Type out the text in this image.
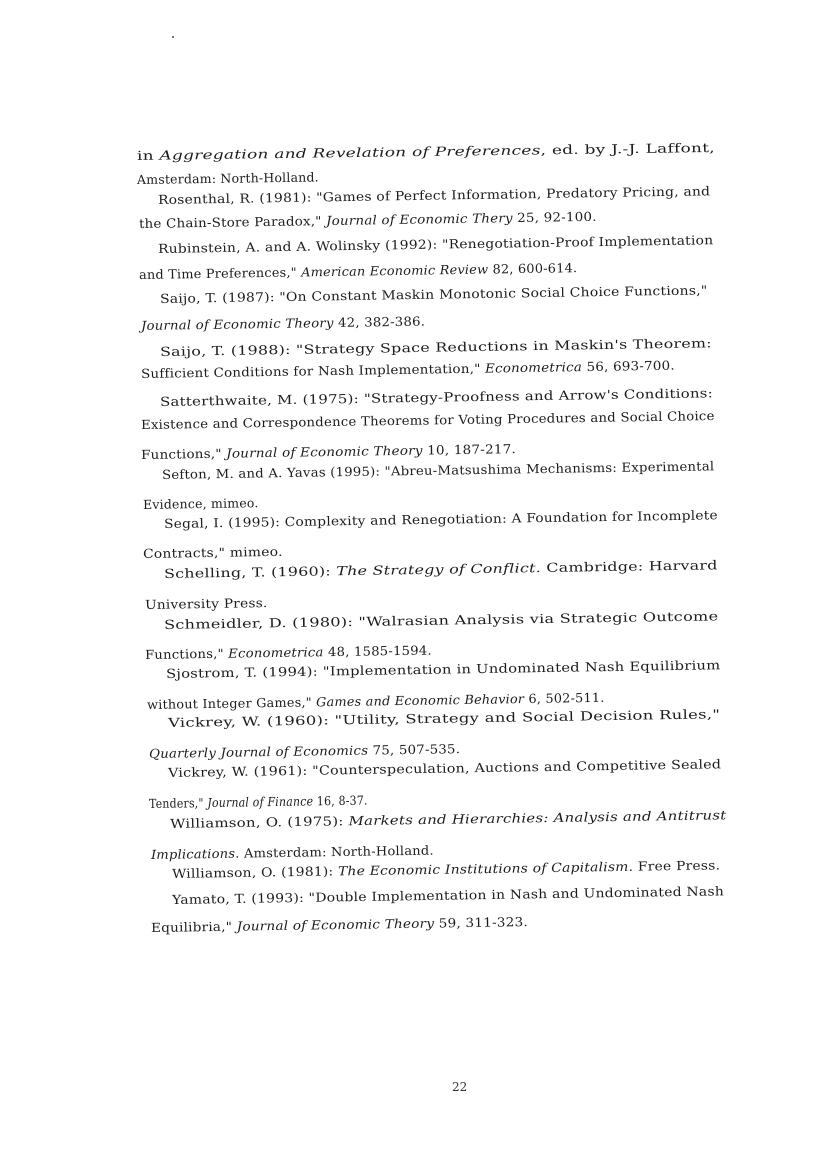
in Aggregation and Revelation of Preferences, ed. by J.-J. Laffont,
Amsterdam: North-Holland.
Rosenthal, R. (1981): "Games of Perfect Information, Predatory Pricing, and
the Chain-Store Paradox," Journal of Economic Thery 25, 92-100.
Rubinstein, A. and A. Wolinsky (1992): "Renegotiation-Proof Implementation
and Time Preferences," American Economic Review 82, 600-614.
Saijo, T. (1987): "On Constant Maskin Monotonic Social Choice Functions,"
Journal of Economic Theory 42, 382-386.
Saijo, T. (1988): "Strategy Space Reductions in Maskin's Theorem:
Sufficient Conditions for Nash Implementation," Econometrica 56, 693-700.
Satterthwaite, M. (1975): "Strategy-Proofness and Arrow's Conditions:
Existence and Correspondence Theorems for Voting Procedures and Social Choice
Functions," Journal of Economic Theory 10, 187-217.
Sefton, M. and A. Yavas (1995): "Abreu-Matsushima Mechanisms: Experimental
Evidence, mimeo.
Segal, I. (1995): Complexity and Renegotiation: A Foundation for Incomplete
Contracts," mimeo.
Schelling, T. (1960): The Strategy of Conflict. Cambridge: Harvard
University Press.
Schmeidler, D. (1980): "Walrasian Analysis via Strategic Outcome
Functions," Econometrica 48, 1585-1594.
Sjostrom, T. (1994): "Implementation in Undominated Nash Equilibrium
without Integer Games," Games and Economic Behavior 6, 502-511.
Vickrey, W. (1960): "Utility, Strategy and Social Decision Rules,"
Quarterly Journal of Economics 75, 507-535.
Vickrey, W. (1961): "Counterspeculation, Auctions and Competitive Sealed
Tenders," Journal of Finance 16, 8-37.
Williamson, O. (1975): Markets and Hierarchies: Analysis and Antitrust
Implications. Amsterdam: North-Holland.
Williamson, O. (1981): The Economic Institutions of Capitalism. Free Press.
Yamato, T. (1993): "Double Implementation in Nash and Undominated Nash
Equilibria," Journal of Economic Theory 59, 311-323.
22
